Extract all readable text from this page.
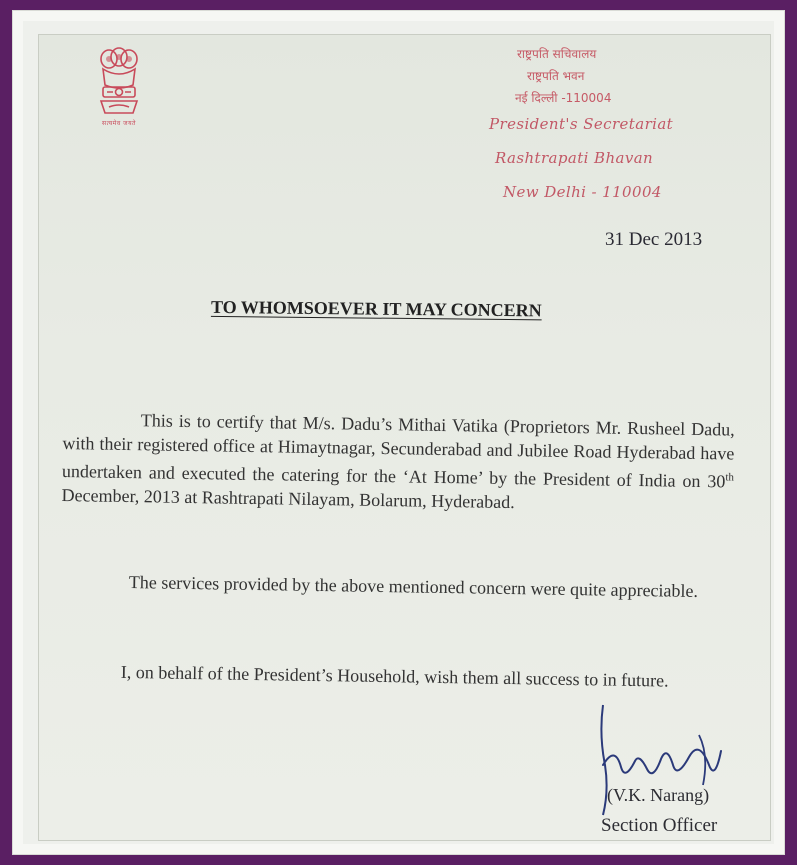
सत्यमेव जयते
राष्ट्रपति सचिवालय
राष्ट्रपति भवन
नई दिल्ली -110004
President's Secretariat
Rashtrapati Bhavan
New Delhi - 110004
31 Dec 2013
TO WHOMSOEVER IT MAY CONCERN
This is to certify that M/s. Dadu’s Mithai Vatika (Proprietors Mr. Rusheel Dadu, with their registered office at Himaytnagar, Secunderabad and Jubilee Road Hyderabad have undertaken and executed the catering for the ‘At Home’ by the President of India on 30th December, 2013 at Rashtrapati Nilayam, Bolarum, Hyderabad.
The services provided by the above mentioned concern were quite appreciable.
I, on behalf of the President’s Household, wish them all success to in future.
(V.K. Narang)
Section Officer
